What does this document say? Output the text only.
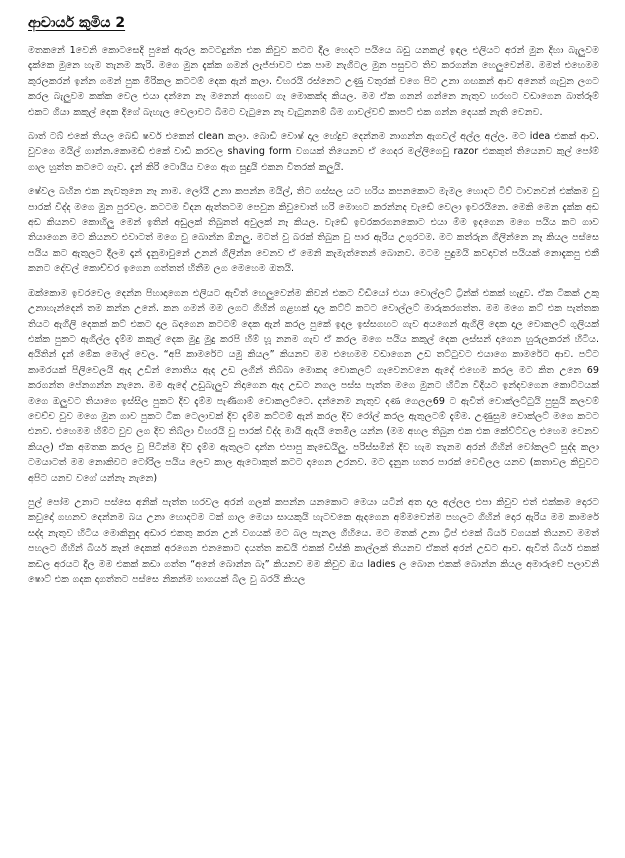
ආචාර්ය කුමිය 2

මතකනේ 1වෙනි කොටසෙදි පුකේ ඇරල කටටදුන්න එක කිවුව කටට දීල හෙදට පයියෙ බඩු යනකල් ඉඳල එලියට අරන් මුන දිහා බැලුවම දැක්කෙ මුනෙ හැම තැනම කැරි. මගෙ මුන දැක්ක ගමන් ලැජ්ජාවට එක පාම නැගිටල මුන පසුවට තිව කරගන්න හෙලුවෙන්ම. මමත් එහෙමම කුරලකරන් ඉන්න ගමන් පුක මිරිකල කටටම් දෙක ඇන් කලා. චිහරයි රස්නෙට උණු වතුරක් වගෙ පිට උනා ගඟකන් ආව අනෙත් ගැවුන ලගට කරල බැලුවම කක්ක වෙල එයා දන්නෙ නෑ මනෙන් අහගව ගෑ මොකක්ද කියල. මම ඒක ගනන් ගන්නෙ නැතුව හරහට වඩාගෙන බාත්රූම් එකට ගියා කකුල් දෙක දිගේ බැහැල වෙලාවට බිමට වැටුනෙ නෑ වැටුනනම් බිම ගාවල්වව් කාපට් එක ගන්න දෙයක් නැති වෙනව.

බාත් ටබ් එකේ තියල බෙඩ් ෂවර් එකෙන් clean කලා. බොඩි වොෂ් දාල හේදුව දෙන්නම නාගන්න ඇගවල් අල්ල අල්ල. මට idea එකක් ආව. වුවගෙ මයිල් ගාන්න.කොමඩ් එකේ වාඩි කරවල shaving form වගයක් තියෙනව ඒ ගෙදර මල්ලිගෙවු razor එකකුත් තියෙනව කුල් පෝම් ගාල හුත්ත කටටෙ ගෑව. දැන් කිරි ටොයිය වගෙ ඇග සුදුයි එකන විතරක් කලුයි.

ෂේවල බහින එක නැවතුනෙ නෑ නාම. ලෝයි උනා කපන්න මයිල්, තිට ගස්සල යට හරිය කපනකොට මැමල හොදට ටිව් ටාවනවන් එක්කම වු පාරක් විද්ද මගෙ මුන පුරවල. කටටම විදන ඇත්තටම පෙවුන කිවුවොත් හරි මොහට කරන්නද වැඩේ වෙලා ඉවරයිනෙ. මෙකි මෙන දැක්ක අඩ අඩ කියනව කොහිලු මෙන් ඉතින් අඩුලක් තිබුනත් අවුලක් නෑ කියල. වැඩේ ඉවරකරගනකොට එයා මිම ඉදගෙන මගෙ පයිය කට ගාව තියාගෙන මට කියනව එවාටත් මගෙ වු බොන්න ඕනලු. මටත් වු බරක් තිබුන වු පාර ඇරිය උගුරටම. මට කත්රුන ගිලින්නෙ නෑ කියල පස්සෙ පයිය කට ඇතුලට දීලම දෑන් දැනුමාවුනේ උනන් ගිලින්න වෙනව ඒ මෙනි කැමැත්තෙන් බොනව. මටම පුදුමයි කවදාවත් පයියක් නොදැකපු එකී කනට දේවල් කොච්චර ඉගෙන ගත්තත් හිතීම ලග මෙහෙම ඔතයි.

ඔක්කොම ඉවරවෙල දෙන්න පිහාදාගෙන එලියට ඇවිත් හෙලුවෙන්ම කිවන් එකට විඩියෝ එයා වොල්ලට් ට්‍රින්ක් එකක් හැදුව. ඒක ටිකක් උකු උනාහැන්දෙන් තම කන්න උනේ. කන ගමන් මම ලගට ගිහින් ගළහක් දාල කට්ට් කටට වොල්ලට් මාරුකරගත්ත. මම මගෙ කට් එක පැත්තක තියට ඇගිලි දෙකක් කට් එකට දාල බදාගෙන කටටම් දෙක ඇන් කරල පුකේ ඉදල ඉස්සගහට ගැව අයගෙන් ඇගිලි දෙක දාල වොකලට් ගුලියක් එක්ක පුකට ඇගිල්ල දැම්ම කකුල් දෙක මුදු මුදු කරපි හිම් හූ නනම ගැව ඒ කරල මගෙ පයිය කකුල් දෙක ලස්සන් දාගෙන හුරුලකරන් හිටිය. අයිතින් දැන් මේක මොල් වෙල. “අපි කාමරේට යමු කියල” කියනව මම එහෙමම වඩාගෙන උඩ තට්ටුවට එයාගෙ කාමරේට ආව. පට්ට කාමරයක් පිලිවෙලයි ඇද උඩින් නොතිය ඇද උඩ ලගින් තිබ්බා මොකද වොකලට් ගෑවෙනවනෙ ඇදේ එහෙම කරල මට කිත උනෙ 69 කරගන්ත පේනගන්න නැනෙ. මම ඇදේ උඩුබැලුව නිදාගෙන ඇද උඩට නගල පස්ස පැත්ත මගෙ මුනට හිටින විදියට ඉන්දවගෙන කොට්ටයක් මගෙ ඔලුවට තියාගෙ ඉස්සිල පුකට දිව දැම්ම පැණිගාම් වොකලට්ටෙ. දන්නෙම නැතුව දණ ගෙලල69 ට ඇවිත් වොක්ලට්ටුයි පුසුයි කලවම් වෙච්ච වුව මගෙ මුන ගාව පුකට ටික ටෙලාවක් දිව දැම්ම කට්ටම් ඇන් කරල දිව රෝල් කරල ඇතුලටම් දැම්ම. උණුසුම වොක්ලට් මගෙ කටට එනව. එහෙමම හිම්ට වුව ලග දිව තිබ්ලා විහරයි වු පාරක් විද්ද මායි ඇදයි තෙමිල යන්න (මම අහල තිබුන එක එක කේව්ට්වල එහෙම වෙනව කියල) ඒක අමතක කරල වු පිටින්ම දිව දැම්ම ඇතුලට දාන්න එපාපු කැඩෙයිලු. පරිස්සමින් දිව හැම තැනම අරන් ගිහින් වෝකලට් සුද්ද කලා ටමයාටත් මම නොකිවට ටෝරිල පයිය ලෙව කාල ඇටොකුත් කටට දාගෙන උරනව. මට දැනුන හතර පාරක් වෙවිලල යනව (කතාවල කිවුවට අපිට යනව වගේ යන්නෑ නැනෙ)

පුල් පෝම උනාට පස්සෙ අනික් පැත්ත හරවල අරන් ගලක් කපන්න යනකොට මෙයා යටින් අත දාල අල්ලල එපා කිවුව එත් එක්කම දොරට කවුදෝ ගහනව දෙන්නම බය උනා හොදටම ටක් ගාල මෙයා සායකුයි හැටවකෙ ඇදගෙන අම්මවෙන්ම පහලට ගිහින් දොර ඇරිය මම කාමරේ සද්ද නැතුව හිටිය මොකිනුද අඩාර එකතු කරන උන් වගයක් මට බල පැනල ගිහියෙ. මට මතක් උනා ට්‍රිප් එකේ බියර් වගයක් තියනව මමත් පහලට ගිහින් බියර් කෑන් දෙකක් අරගෙන එනකොට දයත්ත කඩයි එකක් විස්කි කාල්ලක් තියනව ඒකත් අරන් උඩට ආව. ඇවිත් බියර් එකක් කඩල අරයට දීල මම එකක් කඩා ගත්ත “අනේ බොන්න බෑ” කියනව මම කිවුව ඔය ladies ල බොන එකක් බොන්න කියල අමාරුවේ පලාවනි ෂොට් එක ගදක දාගත්තට පස්සෙ නිකන්ම හාගයක් බීල වු බරයි කියල
